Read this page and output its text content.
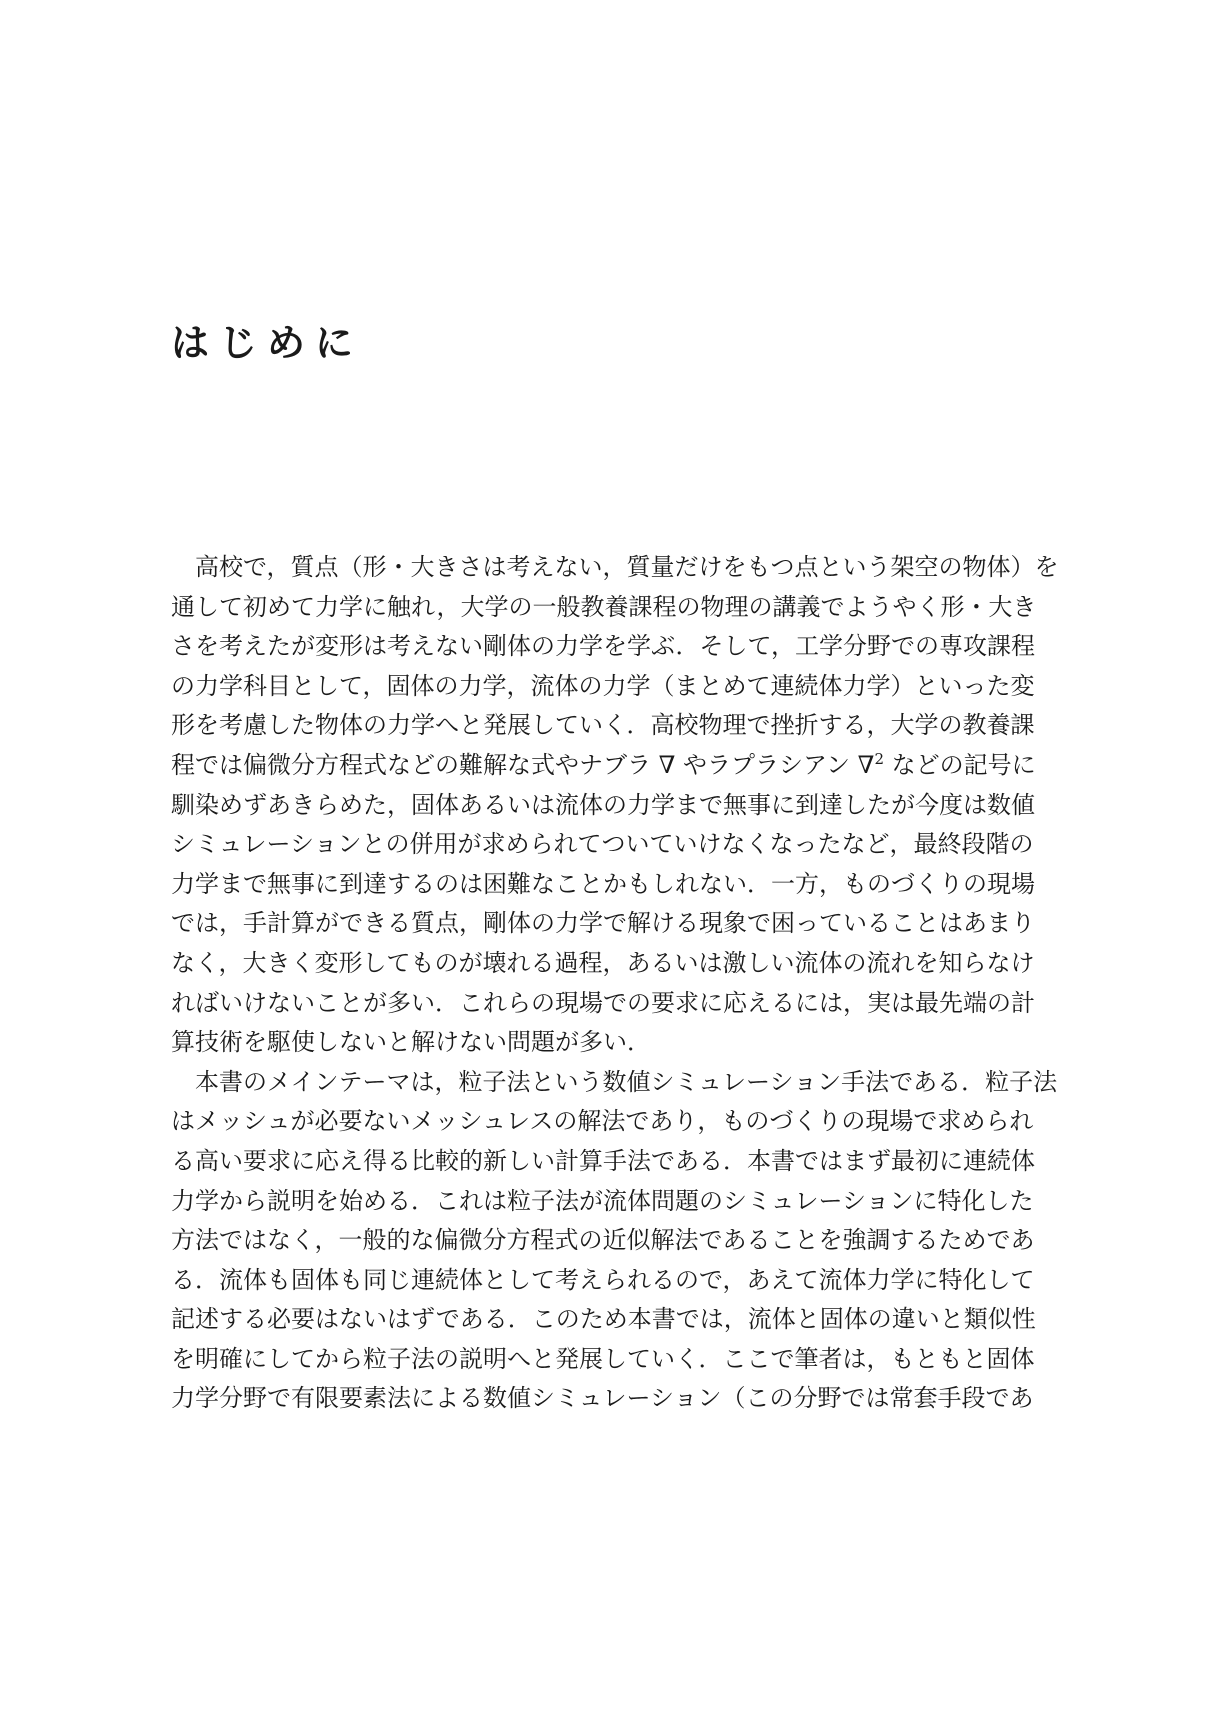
はじめに
高校で，質点（形・大きさは考えない，質量だけをもつ点という架空の物体）を
通して初めて力学に触れ，大学の一般教養課程の物理の講義でようやく形・大き
さを考えたが変形は考えない剛体の力学を学ぶ．そして，工学分野での専攻課程
の力学科目として，固体の力学，流体の力学（まとめて連続体力学）といった変
形を考慮した物体の力学へと発展していく．高校物理で挫折する，大学の教養課
程では偏微分方程式などの難解な式やナブラ ∇ やラプラシアン ∇$^2$ などの記号に
馴染めずあきらめた，固体あるいは流体の力学まで無事に到達したが今度は数値
シミュレーションとの併用が求められてついていけなくなったなど，最終段階の
力学まで無事に到達するのは困難なことかもしれない．一方，ものづくりの現場
では，手計算ができる質点，剛体の力学で解ける現象で困っていることはあまり
なく，大きく変形してものが壊れる過程，あるいは激しい流体の流れを知らなけ
ればいけないことが多い．これらの現場での要求に応えるには，実は最先端の計
算技術を駆使しないと解けない問題が多い．
本書のメインテーマは，粒子法という数値シミュレーション手法である．粒子法
はメッシュが必要ないメッシュレスの解法であり，ものづくりの現場で求められ
る高い要求に応え得る比較的新しい計算手法である．本書ではまず最初に連続体
力学から説明を始める．これは粒子法が流体問題のシミュレーションに特化した
方法ではなく，一般的な偏微分方程式の近似解法であることを強調するためであ
る．流体も固体も同じ連続体として考えられるので，あえて流体力学に特化して
記述する必要はないはずである．このため本書では，流体と固体の違いと類似性
を明確にしてから粒子法の説明へと発展していく．ここで筆者は，もともと固体
力学分野で有限要素法による数値シミュレーション（この分野では常套手段であ
